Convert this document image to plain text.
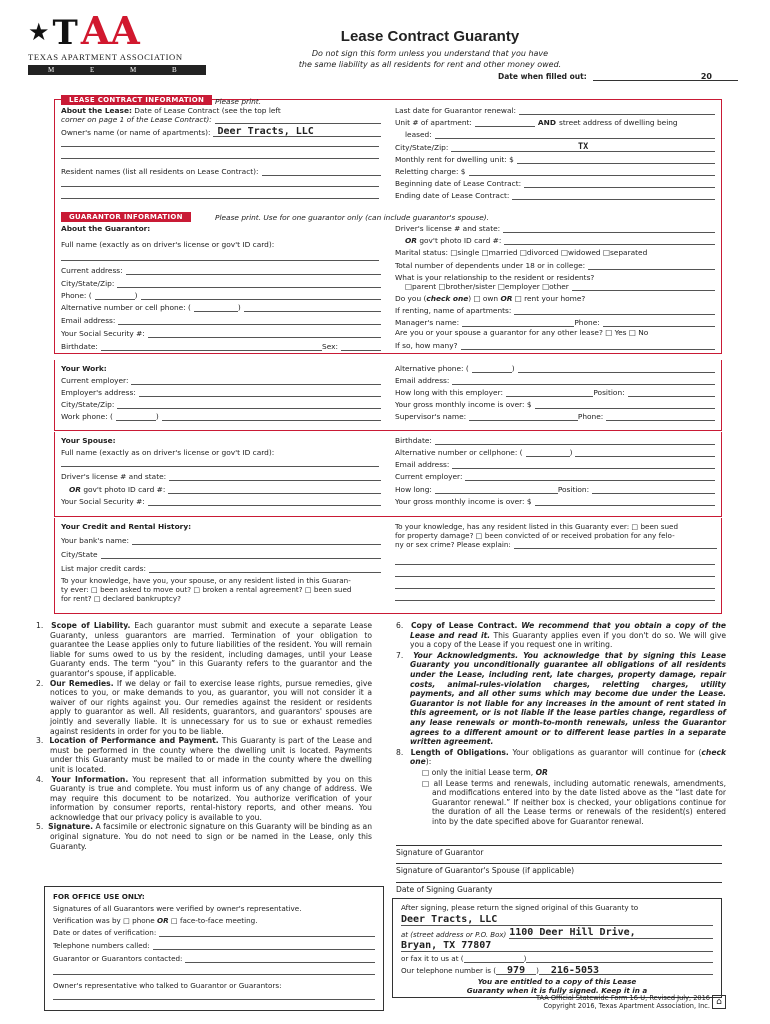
★ T AA
TEXAS APARTMENT ASSOCIATION
M E M B E R
Lease Contract Guaranty
Do not sign this form unless you understand that you have
the same liability as all residents for rent and other money owed.
Date when filled out:	20
LEASE CONTRACT INFORMATION	Please print.
About the Lease:
Date of Lease Contract (see the top left
corner on page 1 of the Lease Contract):
Owner's name (or name of apartments): Deer Tracts, LLC
Resident names (list all residents on Lease Contract):
Last date for Guarantor renewal:
Unit # of apartment:	AND street address of dwelling being
leased:
City/State/Zip:	TX
Monthly rent for dwelling unit: $
Reletting charge: $
Beginning date of Lease Contract:
Ending date of Lease Contract:
GUARANTOR INFORMATION	Please print. Use for one guarantor only (can include guarantor's spouse).
About the Guarantor:
Full name (exactly as on driver's license or gov't ID card):
Current address:
City/State/Zip:
Phone: (	)
Alternative number or cell phone: (	)
Email address:
Your Social Security #:
Birthdate:	Sex:
Driver's license # and state:
OR
gov't photo ID card #:
Marital status:
□single □married □divorced □widowed □separated
Total number of dependents under 18 or in college:
What is your relationship to the resident or residents?
□parent □brother/sister □employer □other
Do you ( check one ) □ own
OR
□ rent your home?
If renting, name of apartments:
Manager's name:	Phone:
Are you or your spouse a guarantor for any other lease? □ Yes □ No
If so, how many?
Your Work:
Current employer:
Employer's address:
City/State/Zip:
Work phone: (	)
Alternative phone: (	)
Email address:
How long with this employer:	Position:
Your gross monthly income is over: $
Supervisor's name:	Phone:
Your Spouse:
Full name (exactly as on driver's license or gov't ID card):
Driver's license # and state:
OR
gov't photo ID card #:
Your Social Security #:
Birthdate:
Alternative number or cellphone: (	)
Email address:
Current employer:
How long:	Position:
Your gross monthly income is over: $
Your Credit and Rental History:
Your bank's name:
City/State
List major credit cards:
To your knowledge, have you, your spouse, or any resident listed in this Guaran-
ty ever: □ been asked to move out? □ broken a rental agreement? □ been sued
for rent? □ declared bankruptcy?
To your knowledge, has any resident listed in this Guaranty ever: □ been sued
for property damage? □ been convicted of or received probation for any felo-
ny or sex crime? Please explain:

1. Scope of Liability. Each guarantor must submit and execute a separate Lease Guaranty, unless guarantors are married. Termination of your obligation to guarantee the Lease applies only to future liabilities of the resident. You will remain liable for sums owed to us by the resident, including damages, until your Lease Guaranty ends. The term “you” in this Guaranty refers to the guarantor and the guarantor's spouse, if applicable.

2. Our Remedies. If we delay or fail to exercise lease rights, pursue remedies, give notices to you, or make demands to you, as guarantor, you will not consider it a waiver of our rights against you. Our remedies against the resident or residents apply to guarantor as well. All residents, guarantors, and guarantors' spouses are jointly and severally liable. It is unnecessary for us to sue or exhaust remedies against residents in order for you to be liable.

3. Location of Performance and Payment. This Guaranty is part of the Lease and must be performed in the county where the dwelling unit is located. Payments under this Guaranty must be mailed to or made in the county where the dwelling unit is located.

4. Your Information. You represent that all information submitted by you on this Guaranty is true and complete. You must inform us of any change of address. We may require this document to be notarized. You authorize verification of your information by consumer reports, rental-history reports, and other means. You acknowledge that our privacy policy is available to you.

5. Signature. A facsimile or electronic signature on this Guaranty will be binding as an original signature. You do not need to sign or be named in the Lease, only this Guaranty.

6. Copy of Lease Contract. We recommend that you obtain a copy of the Lease and read it. This Guaranty applies even if you don't do so. We will give you a copy of the Lease if you request one in writing.

7. Your Acknowledgments. You acknowledge that by signing this Lease Guaranty you unconditionally guarantee all obligations of all residents under the Lease, including rent, late charges, property damage, repair costs, animal-rules-violation charges, reletting charges, utility payments, and all other sums which may become due under the Lease. Guarantor is not liable for any increases in the amount of rent stated in this agreement, or is not liable if the lease parties change, regardless of any lease renewals or month-to-month renewals, unless the Guarantor agrees to a different amount or to different lease parties in a separate written agreement.

8. Length of Obligations. Your obligations as guarantor will continue for (check one):

□ only the initial Lease term, OR

□ all Lease terms and renewals, including automatic renewals, amendments, and modifications entered into by the date listed above as the “last date for Guarantor renewal.” If neither box is checked, your obligations continue for the duration of all the Lease terms or renewals of the resident(s) entered into by the date specified above for Guarantor renewal.

Signature of Guarantor
Signature of Guarantor's Spouse (if applicable)
Date of Signing Guaranty
FOR OFFICE USE ONLY:
Signatures of all Guarantors were verified by owner's representative.
Verification was by □ phone OR □ face-to-face meeting.
Date or dates of verification:
Telephone numbers called:
Guarantor or Guarantors contacted:
Owner's representative who talked to Guarantor or Guarantors:
After signing, please return the signed original of this Guaranty to
Deer Tracts, LLC
at (street address or P.O. Box) 1100 Deer Hill Drive,
Bryan, TX 77807
or fax it to us at (	)
Our telephone number is (	979	)	216-5053
You are entitled to a copy of this Lease
Guaranty when it is fully signed. Keep it in a
TAA Official Statewide Form 16-U, Revised July, 2016
Copyright 2016, Texas Apartment Association, Inc. ⌂
